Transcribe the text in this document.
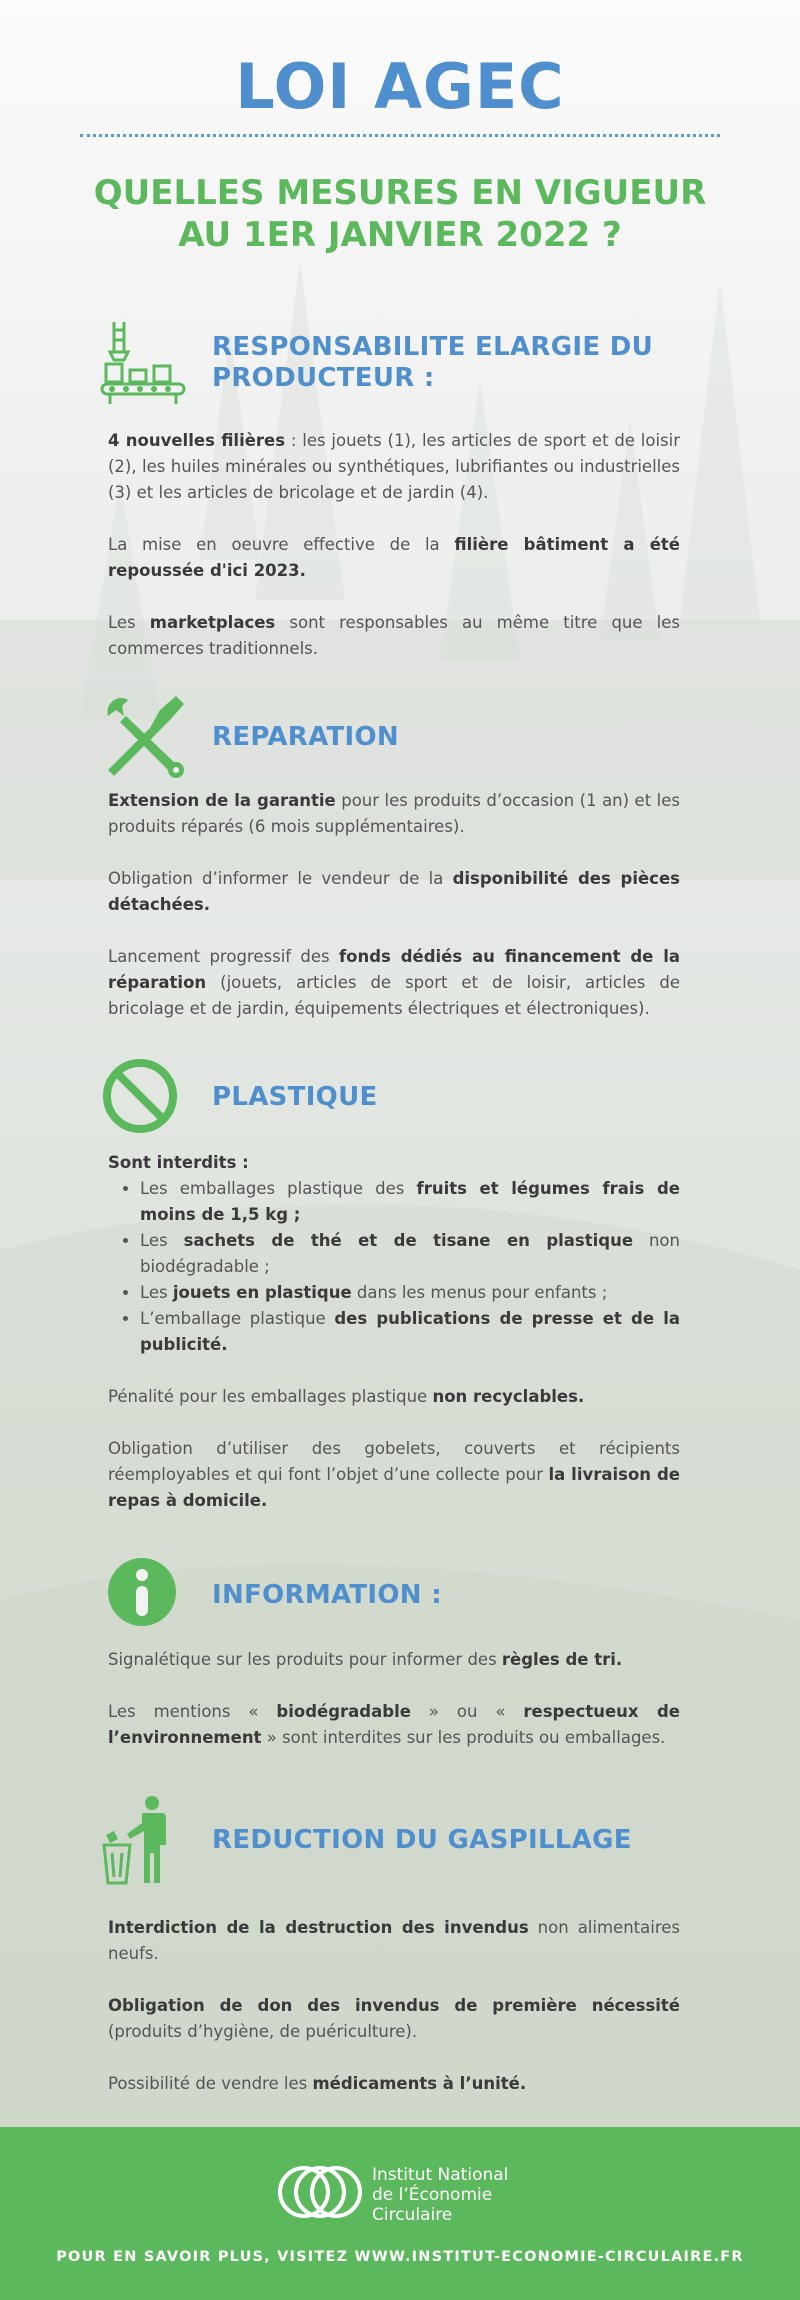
LOI AGEC
QUELLES MESURES EN VIGUEUR
AU 1ER JANVIER 2022 ?
RESPONSABILITE ELARGIE DU
PRODUCTEUR :

4 nouvelles filières : les jouets (1), les articles de sport et de loisir (2), les huiles minérales ou synthétiques, lubrifiantes ou industrielles (3) et les articles de bricolage et de jardin (4).

La mise en oeuvre effective de la filière bâtiment a été repoussée d'ici 2023.

Les marketplaces sont responsables au même titre que les commerces traditionnels.

REPARATION

Extension de la garantie pour les produits d’occasion (1 an) et les produits réparés (6 mois supplémentaires).

Obligation d’informer le vendeur de la disponibilité des pièces détachées.

Lancement progressif des fonds dédiés au financement de la réparation (jouets, articles de sport et de loisir, articles de bricolage et de jardin, équipements électriques et électroniques).

PLASTIQUE
Sont interdits :
• Les emballages plastique des fruits et légumes frais de moins de 1,5 kg ;
• Les sachets de thé et de tisane en plastique non biodégradable ;
• Les jouets en plastique dans les menus pour enfants ;
• L’emballage plastique des publications de presse et de la publicité.

Pénalité pour les emballages plastique non recyclables.

Obligation d’utiliser des gobelets, couverts et récipients réemployables et qui font l’objet d’une collecte pour la livraison de repas à domicile.

INFORMATION :

Signalétique sur les produits pour informer des règles de tri.

Les mentions « biodégradable » ou « respectueux de l’environnement » sont interdites sur les produits ou emballages.

REDUCTION DU GASPILLAGE

Interdiction de la destruction des invendus non alimentaires neufs.

Obligation de don des invendus de première nécessité (produits d’hygiène, de puériculture).

Possibilité de vendre les médicaments à l’unité.

Institut National
de l’Économie
Circulaire
POUR EN SAVOIR PLUS, VISITEZ WWW.INSTITUT-ECONOMIE-CIRCULAIRE.FR
